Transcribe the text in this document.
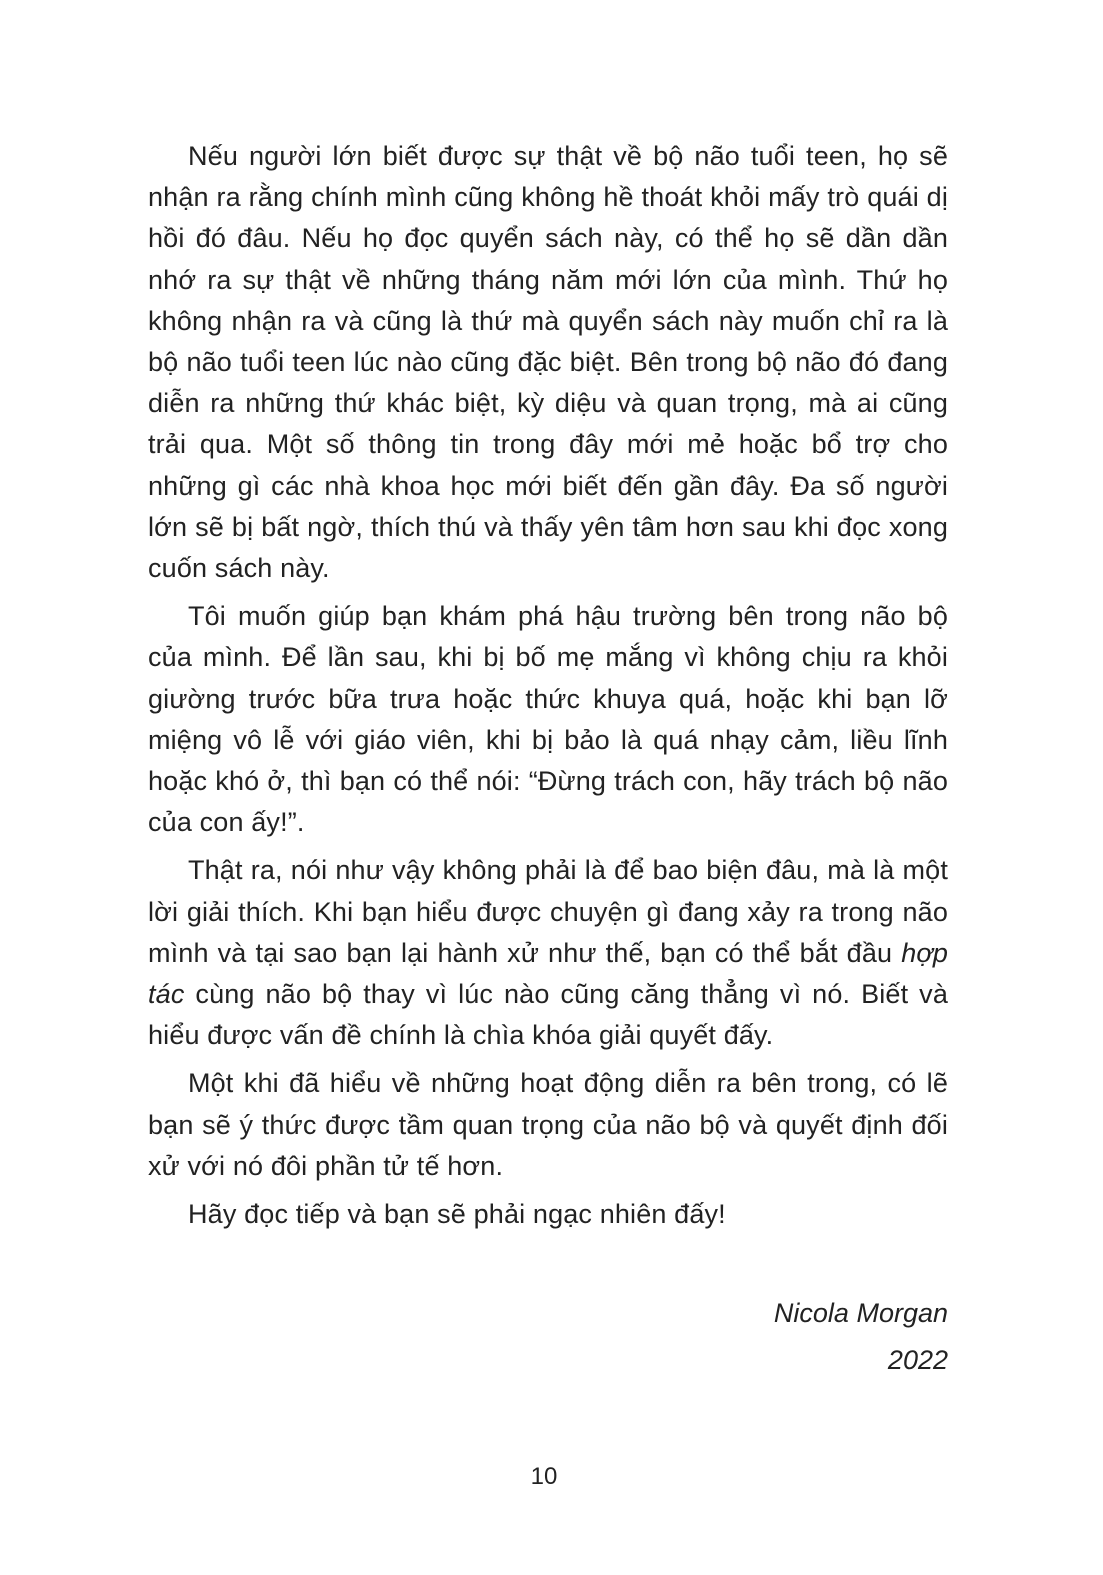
Nếu người lớn biết được sự thật về bộ não tuổi teen, họ sẽ nhận ra rằng chính mình cũng không hề thoát khỏi mấy trò quái dị hồi đó đâu. Nếu họ đọc quyển sách này, có thể họ sẽ dần dần nhớ ra sự thật về những tháng năm mới lớn của mình. Thứ họ không nhận ra và cũng là thứ mà quyển sách này muốn chỉ ra là bộ não tuổi teen lúc nào cũng đặc biệt. Bên trong bộ não đó đang diễn ra những thứ khác biệt, kỳ diệu và quan trọng, mà ai cũng trải qua. Một số thông tin trong đây mới mẻ hoặc bổ trợ cho những gì các nhà khoa học mới biết đến gần đây. Đa số người lớn sẽ bị bất ngờ, thích thú và thấy yên tâm hơn sau khi đọc xong cuốn sách này.

Tôi muốn giúp bạn khám phá hậu trường bên trong não bộ của mình. Để lần sau, khi bị bố mẹ mắng vì không chịu ra khỏi giường trước bữa trưa hoặc thức khuya quá, hoặc khi bạn lỡ miệng vô lễ với giáo viên, khi bị bảo là quá nhạy cảm, liều lĩnh hoặc khó ở, thì bạn có thể nói: “Đừng trách con, hãy trách bộ não của con ấy!”.

Thật ra, nói như vậy không phải là để bao biện đâu, mà là một lời giải thích. Khi bạn hiểu được chuyện gì đang xảy ra trong não mình và tại sao bạn lại hành xử như thế, bạn có thể bắt đầu hợp tác cùng não bộ thay vì lúc nào cũng căng thẳng vì nó. Biết và hiểu được vấn đề chính là chìa khóa giải quyết đấy.

Một khi đã hiểu về những hoạt động diễn ra bên trong, có lẽ bạn sẽ ý thức được tầm quan trọng của não bộ và quyết định đối xử với nó đôi phần tử tế hơn.

Hãy đọc tiếp và bạn sẽ phải ngạc nhiên đấy!

Nicola Morgan
2022
10
